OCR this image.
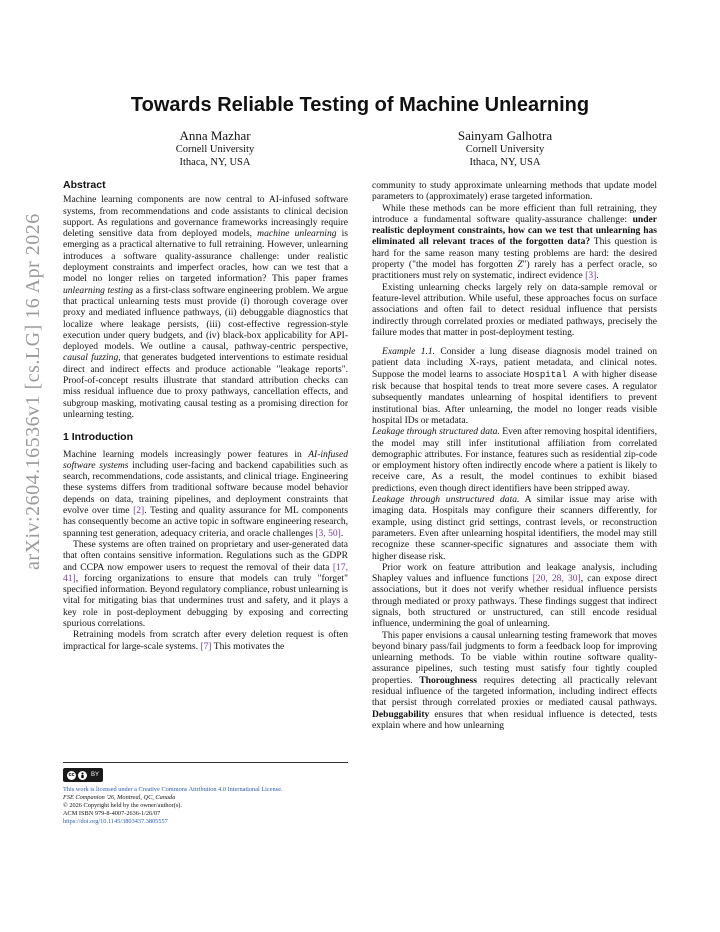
arXiv:2604.16536v1 [cs.LG] 16 Apr 2026
Towards Reliable Testing of Machine Unlearning
Anna Mazhar
Cornell University
Ithaca, NY, USA
Sainyam Galhotra
Cornell University
Ithaca, NY, USA
Abstract

Machine learning components are now central to AI-infused software systems, from recommendations and code assistants to clinical decision support. As regulations and governance frameworks increasingly require deleting sensitive data from deployed models, machine unlearning is emerging as a practical alternative to full retraining. However, unlearning introduces a software quality-assurance challenge: under realistic deployment constraints and imperfect oracles, how can we test that a model no longer relies on targeted information? This paper frames unlearning testing as a first-class software engineering problem. We argue that practical unlearning tests must provide (i) thorough coverage over proxy and mediated influence pathways, (ii) debuggable diagnostics that localize where leakage persists, (iii) cost-effective regression-style execution under query budgets, and (iv) black-box applicability for API-deployed models. We outline a causal, pathway-centric perspective, causal fuzzing, that generates budgeted interventions to estimate residual direct and indirect effects and produce actionable "leakage reports". Proof-of-concept results illustrate that standard attribution checks can miss residual influence due to proxy pathways, cancellation effects, and subgroup masking, motivating causal testing as a promising direction for unlearning testing.

1 Introduction

Machine learning models increasingly power features in AI-infused software systems including user-facing and backend capabilities such as search, recommendations, code assistants, and clinical triage. Engineering these systems differs from traditional software because model behavior depends on data, training pipelines, and deployment constraints that evolve over time [2]. Testing and quality assurance for ML components has consequently become an active topic in software engineering research, spanning test generation, adequacy criteria, and oracle challenges [3, 50].

These systems are often trained on proprietary and user-generated data that often contains sensitive information. Regulations such as the GDPR and CCPA now empower users to request the removal of their data [17, 41], forcing organizations to ensure that models can truly "forget" specified information. Beyond regulatory compliance, robust unlearning is vital for mitigating bias that undermines trust and safety, and it plays a key role in post-deployment debugging by exposing and correcting spurious correlations.

Retraining models from scratch after every deletion request is often impractical for large-scale systems. [7] This motivates the

cc	BY
This work is licensed under a Creative Commons Attribution 4.0 International License.
FSE Companion '26, Montreal, QC, Canada
© 2026 Copyright held by the owner/author(s).
ACM ISBN 979-8-4007-2636-1/26/07
https://doi.org/10.1145/3803437.3805557

community to study approximate unlearning methods that update model parameters to (approximately) erase targeted information.

While these methods can be more efficient than full retraining, they introduce a fundamental software quality-assurance challenge: under realistic deployment constraints, how can we test that unlearning has eliminated all relevant traces of the forgotten data? This question is hard for the same reason many testing problems are hard: the desired property ("the model has forgotten Z") rarely has a perfect oracle, so practitioners must rely on systematic, indirect evidence [3].

Existing unlearning checks largely rely on data-sample removal or feature-level attribution. While useful, these approaches focus on surface associations and often fail to detect residual influence that persists indirectly through correlated proxies or mediated pathways, precisely the failure modes that matter in post-deployment testing.

Example 1.1. Consider a lung disease diagnosis model trained on patient data including X-rays, patient metadata, and clinical notes. Suppose the model learns to associate Hospital A with higher disease risk because that hospital tends to treat more severe cases. A regulator subsequently mandates unlearning of hospital identifiers to prevent institutional bias. After unlearning, the model no longer reads visible hospital IDs or metadata.

Leakage through structured data. Even after removing hospital identifiers, the model may still infer institutional affiliation from correlated demographic attributes. For instance, features such as residential zip-code or employment history often indirectly encode where a patient is likely to receive care, As a result, the model continues to exhibit biased predictions, even though direct identifiers have been stripped away.

Leakage through unstructured data. A similar issue may arise with imaging data. Hospitals may configure their scanners differently, for example, using distinct grid settings, contrast levels, or reconstruction parameters. Even after unlearning hospital identifiers, the model may still recognize these scanner-specific signatures and associate them with higher disease risk.

Prior work on feature attribution and leakage analysis, including Shapley values and influence functions [20, 28, 30], can expose direct associations, but it does not verify whether residual influence persists through mediated or proxy pathways. These findings suggest that indirect signals, both structured or unstructured, can still encode residual influence, undermining the goal of unlearning.

This paper envisions a causal unlearning testing framework that moves beyond binary pass/fail judgments to form a feedback loop for improving unlearning methods. To be viable within routine software quality-assurance pipelines, such testing must satisfy four tightly coupled properties. Thoroughness requires detecting all practically relevant residual influence of the targeted information, including indirect effects that persist through correlated proxies or mediated causal pathways. Debuggability ensures that when residual influence is detected, tests explain where and how unlearning
